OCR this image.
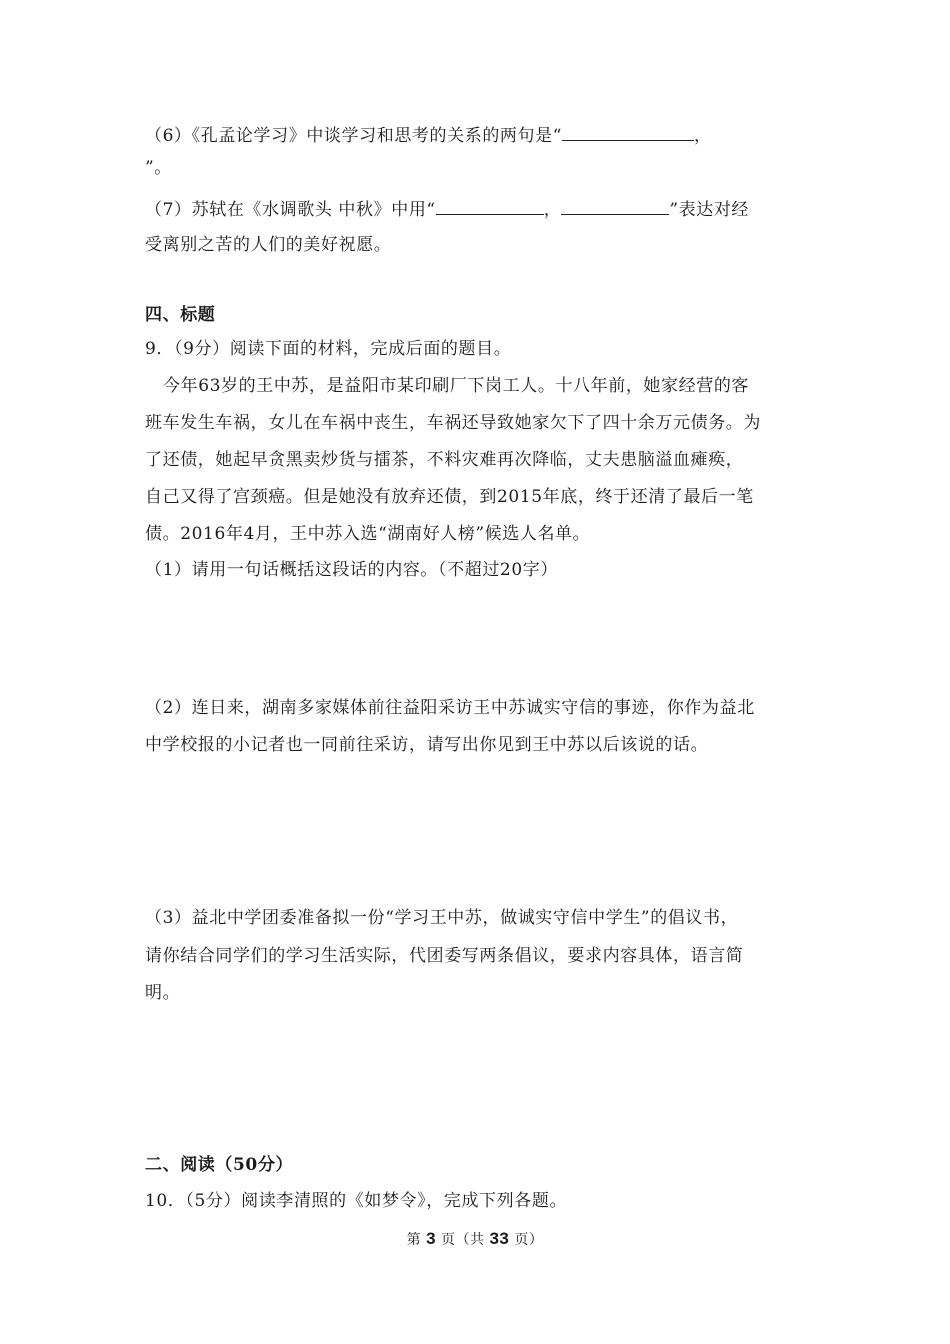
（6）《孔孟论学习》中谈学习和思考的关系的两句是“	，
”。
（7）苏轼在《水调歌头 中秋》中用“	，	”表达对经
受离别之苦的人们的美好祝愿。
四、标题
9．（9分）阅读下面的材料，完成后面的题目。
今年63岁的王中苏，是益阳市某印刷厂下岗工人。十八年前，她家经营的客
班车发生车祸，女儿在车祸中丧生，车祸还导致她家欠下了四十余万元债务。为
了还债，她起早贪黑卖炒货与擂茶，不料灾难再次降临，丈夫患脑溢血瘫痪，
自己又得了宫颈癌。但是她没有放弃还债，到2015年底，终于还清了最后一笔
债。2016年4月，王中苏入选“湖南好人榜”候选人名单。
（1）请用一句话概括这段话的内容。（不超过20字）
（2）连日来，湖南多家媒体前往益阳采访王中苏诚实守信的事迹，你作为益北
中学校报的小记者也一同前往采访，请写出你见到王中苏以后该说的话。
（3）益北中学团委准备拟一份“学习王中苏，做诚实守信中学生”的倡议书，
请你结合同学们的学习生活实际，代团委写两条倡议，要求内容具体，语言简
明。
二、阅读（50分）
10．（5分）阅读李清照的《如梦令》，完成下列各题。
第 3 页（共 33 页）
